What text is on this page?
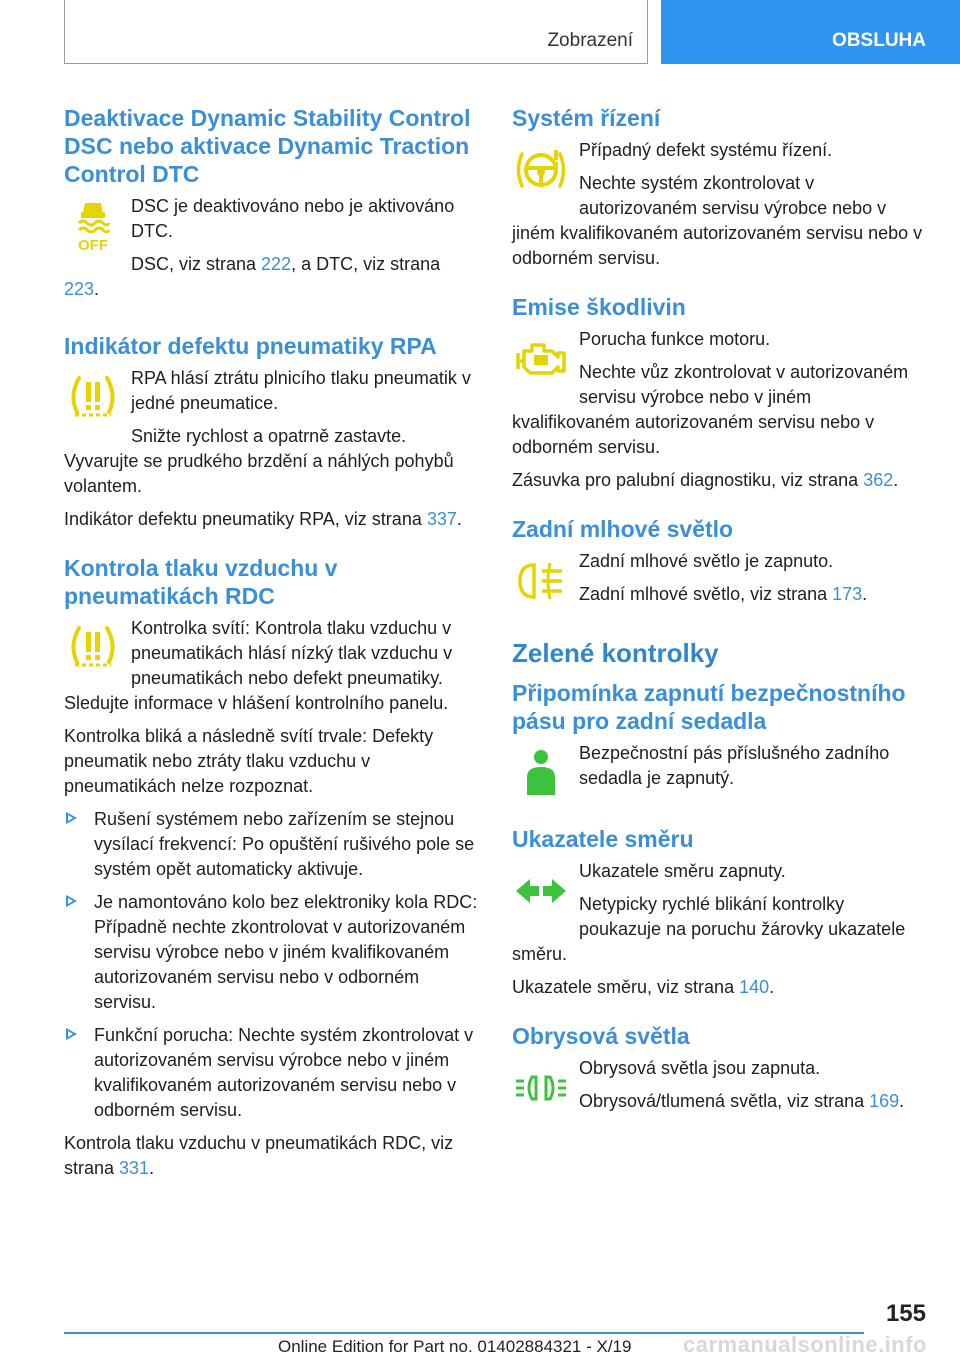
Zobrazení	OBSLUHA
Deaktivace Dynamic Stability Control DSC nebo aktivace Dynamic Traction Control DTC
OFF

DSC je deaktivováno nebo je aktivováno DTC.

DSC, viz strana 222, a DTC, viz strana 223.

Indikátor defektu pneumatiky RPA

RPA hlásí ztrátu plnicího tlaku pneumatik v jedné pneumatice.

Snižte rychlost a opatrně zastavte. Vyvarujte se prudkého brzdění a náhlých pohybů volantem.

Indikátor defektu pneumatiky RPA, viz strana 337.

Kontrola tlaku vzduchu v pneumatikách RDC

Kontrolka svítí: Kontrola tlaku vzduchu v pneumatikách hlásí nízký tlak vzduchu v pneumatikách nebo defekt pneumatiky. Sledujte informace v hlášení kontrolního panelu.

Kontrolka bliká a následně svítí trvale: Defekty pneumatik nebo ztráty tlaku vzduchu v pneumatikách nelze rozpoznat.

Rušení systémem nebo zařízením se stejnou vysílací frekvencí: Po opuštění rušivého pole se systém opět automaticky aktivuje.

Je namontováno kolo bez elektroniky kola RDC: Případně nechte zkontrolovat v autorizovaném servisu výrobce nebo v jiném kvalifikovaném autorizovaném servisu nebo v odborném servisu.

Funkční porucha: Nechte systém zkontrolovat v autorizovaném servisu výrobce nebo v jiném kvalifikovaném autorizovaném servisu nebo v odborném servisu.

Kontrola tlaku vzduchu v pneumatikách RDC, viz strana 331.

Systém řízení

Případný defekt systému řízení.

Nechte systém zkontrolovat v autorizovaném servisu výrobce nebo v jiném kvalifikovaném autorizovaném servisu nebo v odborném servisu.

Emise škodlivin

Porucha funkce motoru.

Nechte vůz zkontrolovat v autorizovaném servisu výrobce nebo v jiném kvalifikovaném autorizovaném servisu nebo v odborném servisu.

Zásuvka pro palubní diagnostiku, viz strana 362.

Zadní mlhové světlo

Zadní mlhové světlo je zapnuto.

Zadní mlhové světlo, viz strana 173.

Zelené kontrolky
Připomínka zapnutí bezpečnostního pásu pro zadní sedadla

Bezpečnostní pás příslušného zadního sedadla je zapnutý.

Ukazatele směru

Ukazatele směru zapnuty.

Netypicky rychlé blikání kontrolky poukazuje na poruchu žárovky ukazatele směru.

Ukazatele směru, viz strana 140.

Obrysová světla

Obrysová světla jsou zapnuta.

Obrysová/tlumená světla, viz strana 169.

155
Online Edition for Part no. 01402884321 - X/19 carmanualsonline.info
